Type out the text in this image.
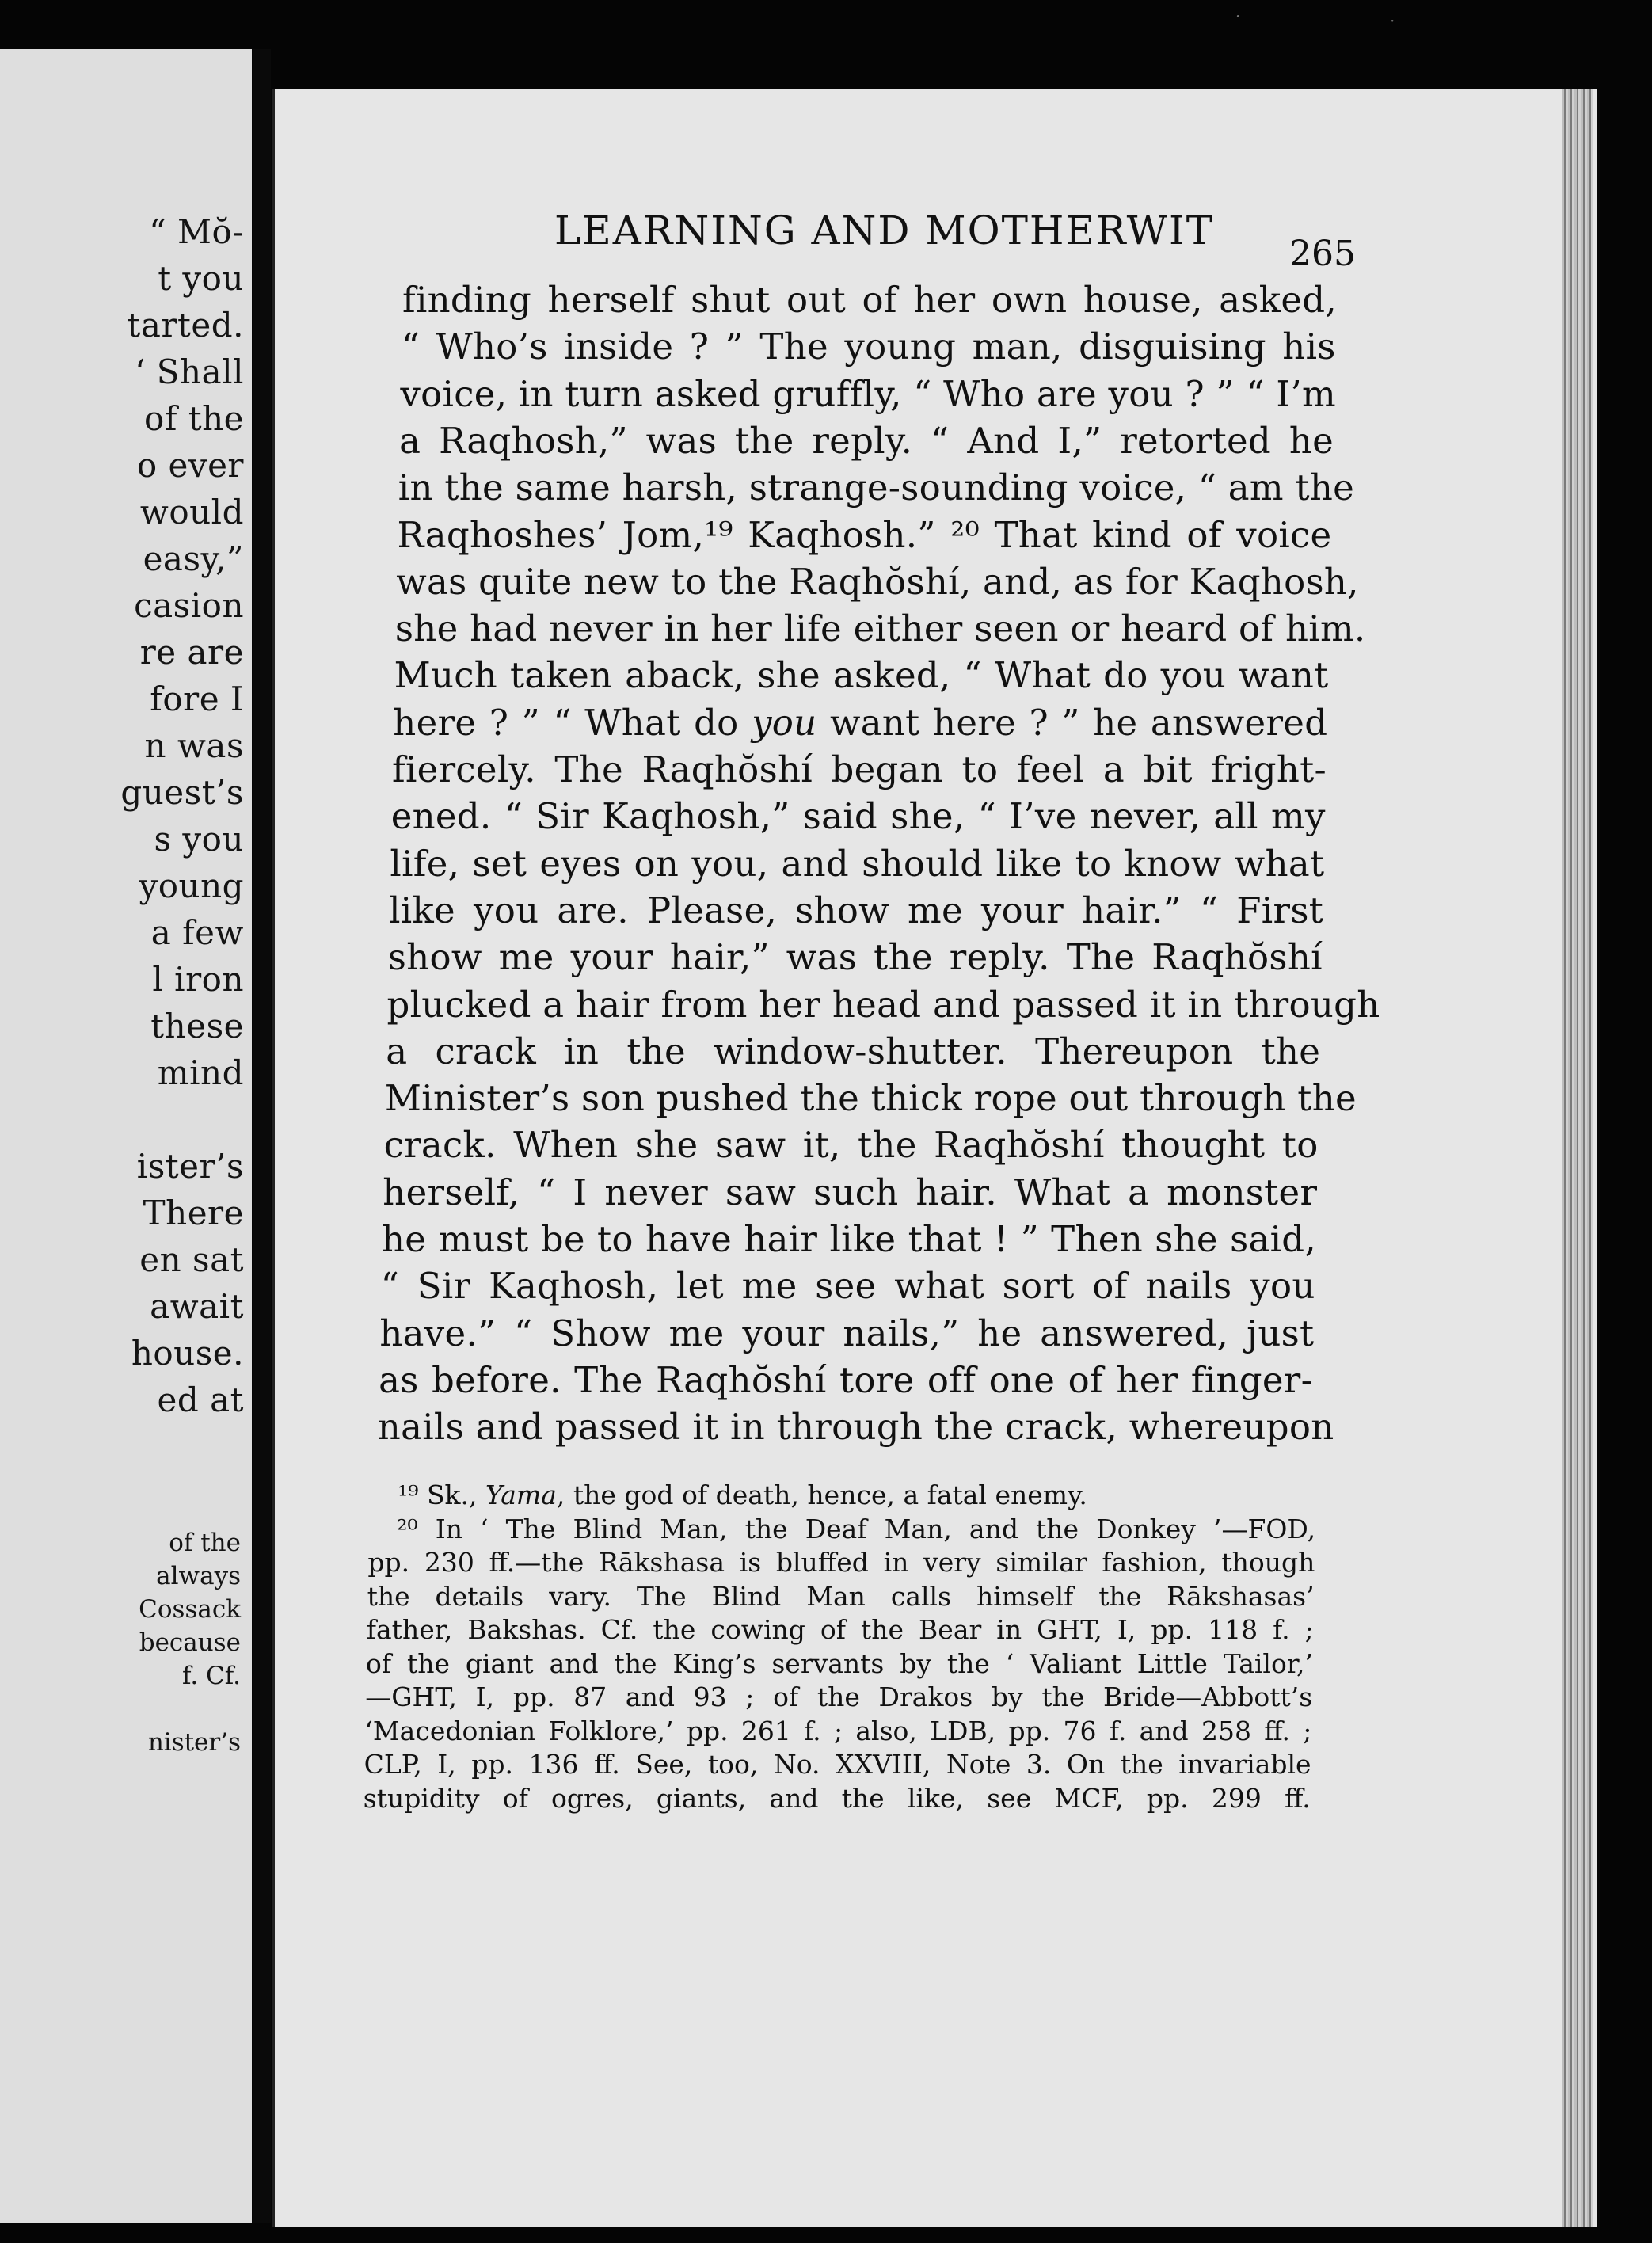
“ Mŏ-
t you
tarted.
‘ Shall
of the
o ever
would
easy,”
casion
re are
fore I
n was
guest’s
s you
young
a few
l iron
these
mind
ister’s
There
en sat
await
house.
ed at
of the
always
Cossack
because
f. Cf.
nister’s
·	·
LEARNING AND MOTHERWIT
265
finding herself shut out of her own house, asked,
“ Who’s inside ? ” The young man, disguising his
voice, in turn asked gruffly, “ Who are you ? ” “ I’m
a Raqhosh,” was the reply. “ And I,” retorted he
in the same harsh, strange-sounding voice, “ am the
Raqhoshes’ Jom,¹⁹ Kaqhosh.” ²⁰ That kind of voice
was quite new to the Raqhŏshí, and, as for Kaqhosh,
she had never in her life either seen or heard of him.
Much taken aback, she asked, “ What do you want
here ? ” “ What do you want here ? ” he answered
fiercely. The Raqhŏshí began to feel a bit fright-
ened. “ Sir Kaqhosh,” said she, “ I’ve never, all my
life, set eyes on you, and should like to know what
like you are. Please, show me your hair.” “ First
show me your hair,” was the reply. The Raqhŏshí
plucked a hair from her head and passed it in through
a crack in the window-shutter. Thereupon the
Minister’s son pushed the thick rope out through the
crack. When she saw it, the Raqhŏshí thought to
herself, “ I never saw such hair. What a monster
he must be to have hair like that ! ” Then she said,
“ Sir Kaqhosh, let me see what sort of nails you
have.” “ Show me your nails,” he answered, just
as before. The Raqhŏshí tore off one of her finger-
nails and passed it in through the crack, whereupon
¹⁹ Sk., Yama, the god of death, hence, a fatal enemy.
²⁰ In ‘ The Blind Man, the Deaf Man, and the Donkey ’—FOD,
pp. 230 ff.—the Rākshasa is bluffed in very similar fashion, though
the details vary. The Blind Man calls himself the Rākshasas’
father, Bakshas. Cf. the cowing of the Bear in GHT, I, pp. 118 f. ;
of the giant and the King’s servants by the ‘ Valiant Little Tailor,’
—GHT, I, pp. 87 and 93 ; of the Drakos by the Bride—Abbott’s
‘Macedonian Folklore,’ pp. 261 f. ; also, LDB, pp. 76 f. and 258 ff. ;
CLP, I, pp. 136 ff. See, too, No. XXVIII, Note 3. On the invariable
stupidity of ogres, giants, and the like, see MCF, pp. 299 ff.
